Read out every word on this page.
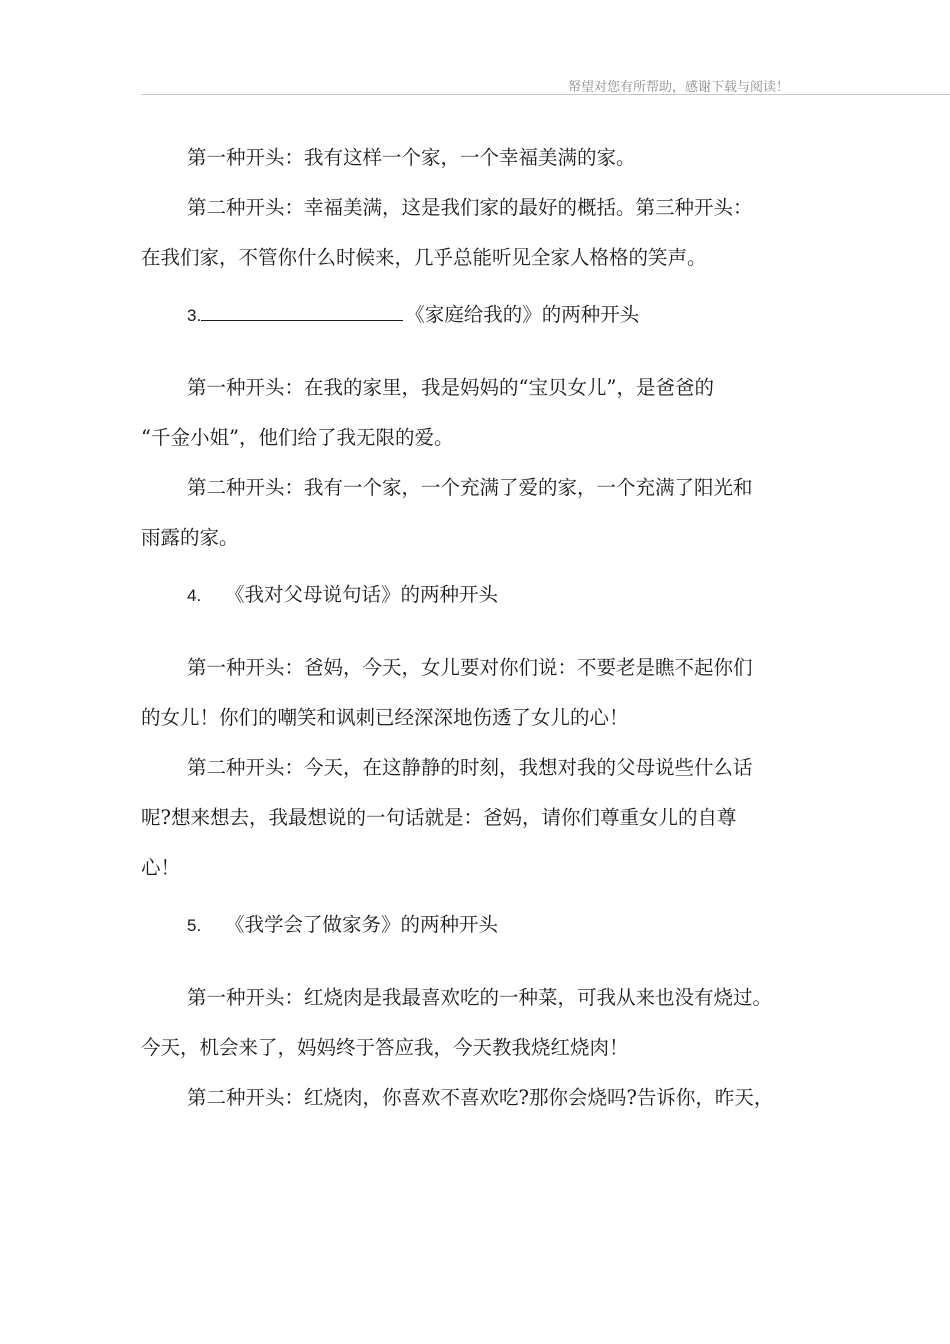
帑望对您有所帮助，感谢下载与阅读！
第一种开头：我有这样一个家，一个幸福美满的家。
第二种开头：幸福美满，这是我们家的最好的概括。第三种开头：
在我们家，不管你什么时候来，几乎总能听见全家人格格的笑声。
3.	《家庭给我的》的两种开头
第一种开头：在我的家里，我是妈妈的“宝贝女儿”，是爸爸的
“千金小姐”，他们给了我无限的爱。
第二种开头：我有一个家，一个充满了爱的家，一个充满了阳光和
雨露的家。
4.	《我对父母说句话》的两种开头
第一种开头：爸妈，今天，女儿要对你们说：不要老是瞧不起你们
的女儿！你们的嘲笑和讽刺已经深深地伤透了女儿的心！
第二种开头：今天，在这静静的时刻，我想对我的父母说些什么话
呢?想来想去，我最想说的一句话就是：爸妈，请你们尊重女儿的自尊
心！
5.	《我学会了做家务》的两种开头
第一种开头：红烧肉是我最喜欢吃的一种菜，可我从来也没有烧过。
今天，机会来了，妈妈终于答应我，今天教我烧红烧肉！
第二种开头：红烧肉，你喜欢不喜欢吃?那你会烧吗?告诉你，昨天，
